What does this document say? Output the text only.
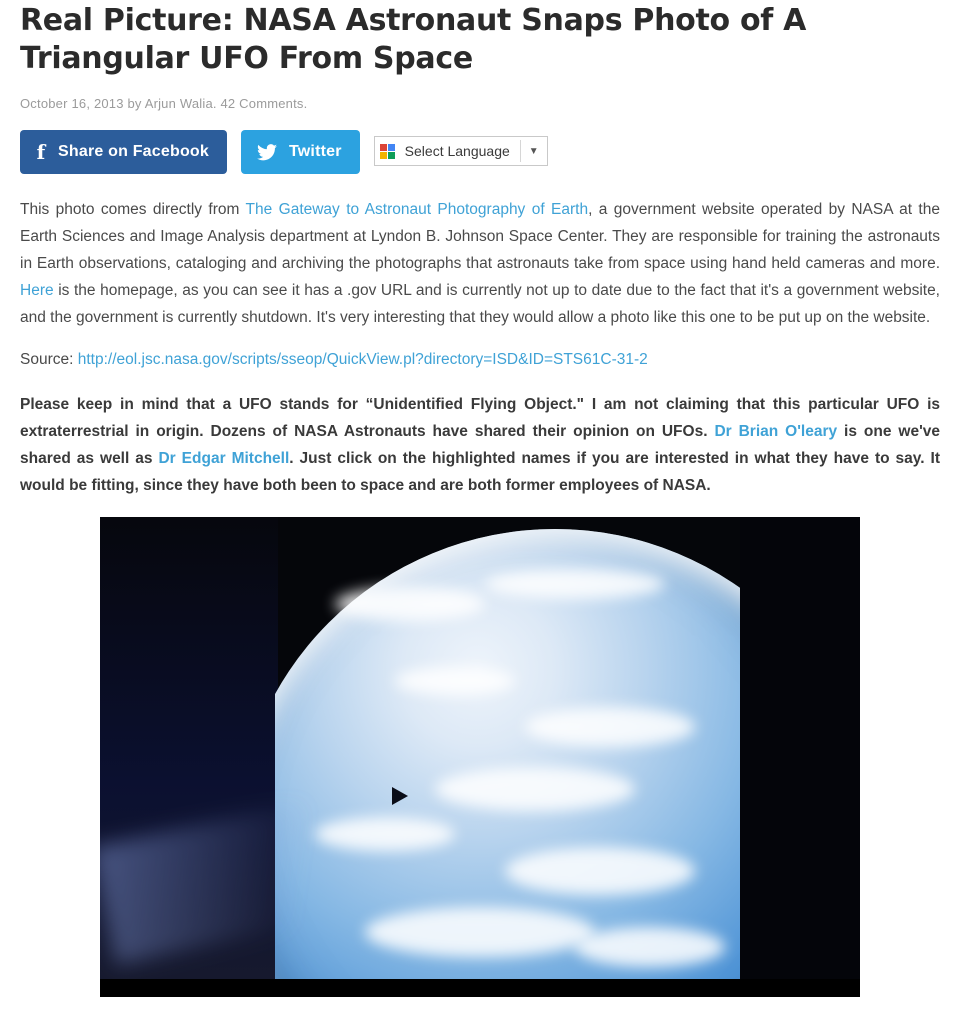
Real Picture: NASA Astronaut Snaps Photo of A Triangular UFO From Space
October 16, 2013 by Arjun Walia. 42 Comments.
f Share on Facebook	Twitter	Select Language	▼

This photo comes directly from The Gateway to Astronaut Photography of Earth, a government website operated by NASA at the Earth Sciences and Image Analysis department at Lyndon B. Johnson Space Center. They are responsible for training the astronauts in Earth observations, cataloging and archiving the photographs that astronauts take from space using hand held cameras and more. Here is the homepage, as you can see it has a .gov URL and is currently not up to date due to the fact that it's a government website, and the government is currently shutdown. It's very interesting that they would allow a photo like this one to be put up on the website.

Source: http://eol.jsc.nasa.gov/scripts/sseop/QuickView.pl?directory=ISD&ID=STS61C-31-2

Please keep in mind that a UFO stands for “Unidentified Flying Object." I am not claiming that this particular UFO is extraterrestrial in origin. Dozens of NASA Astronauts have shared their opinion on UFOs. Dr Brian O'leary is one we've shared as well as Dr Edgar Mitchell. Just click on the highlighted names if you are interested in what they have to say. It would be fitting, since they have both been to space and are both former employees of NASA.
